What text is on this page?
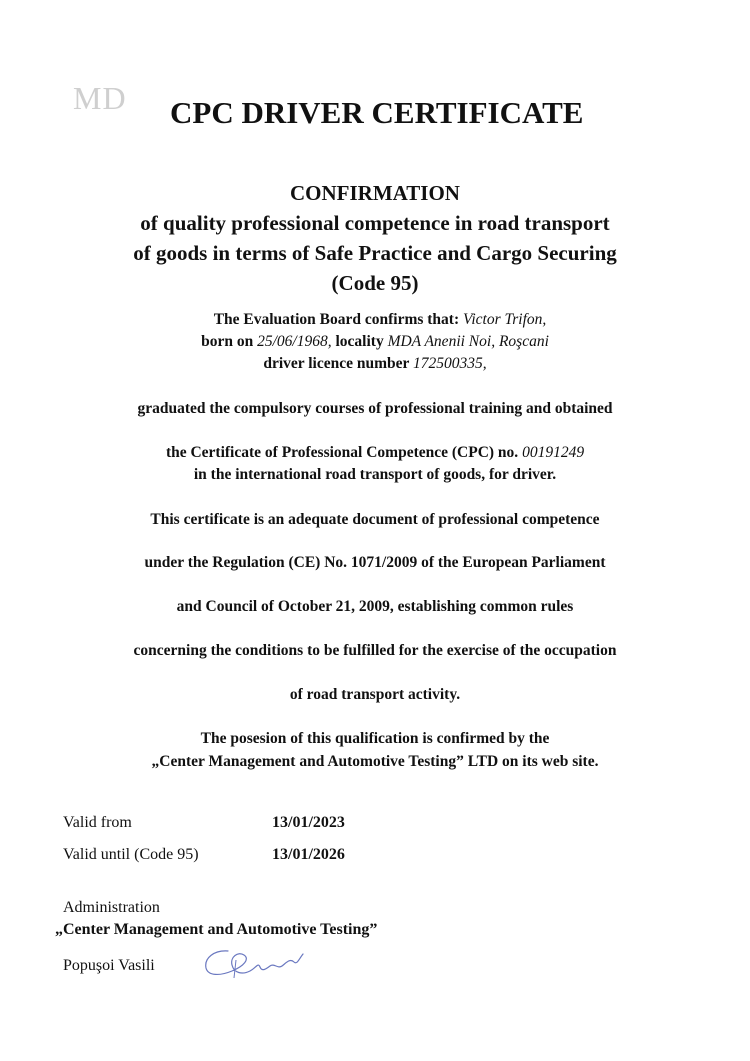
MD CPC DRIVER CERTIFICATE
CONFIRMATION
of quality professional competence in road transport
of goods in terms of Safe Practice and Cargo Securing
(Code 95)
The Evaluation Board confirms that: Victor Trifon,
born on 25/06/1968, locality MDA Anenii Noi, Roşcani
driver licence number 172500335,
graduated the compulsory courses of professional training and obtained
the Certificate of Professional Competence (CPC) no. 00191249
in the international road transport of goods, for driver.
This certificate is an adequate document of professional competence
under the Regulation (CE) No. 1071/2009 of the European Parliament
and Council of October 21, 2009, establishing common rules
concerning the conditions to be fulfilled for the exercise of the occupation
of road transport activity.
The posesion of this qualification is confirmed by the
„Center Management and Automotive Testing” LTD on its web site.
Valid from	13/01/2023
Valid until (Code 95)	13/01/2026
Administration
„Center Management and Automotive Testing”
Popuşoi Vasili
